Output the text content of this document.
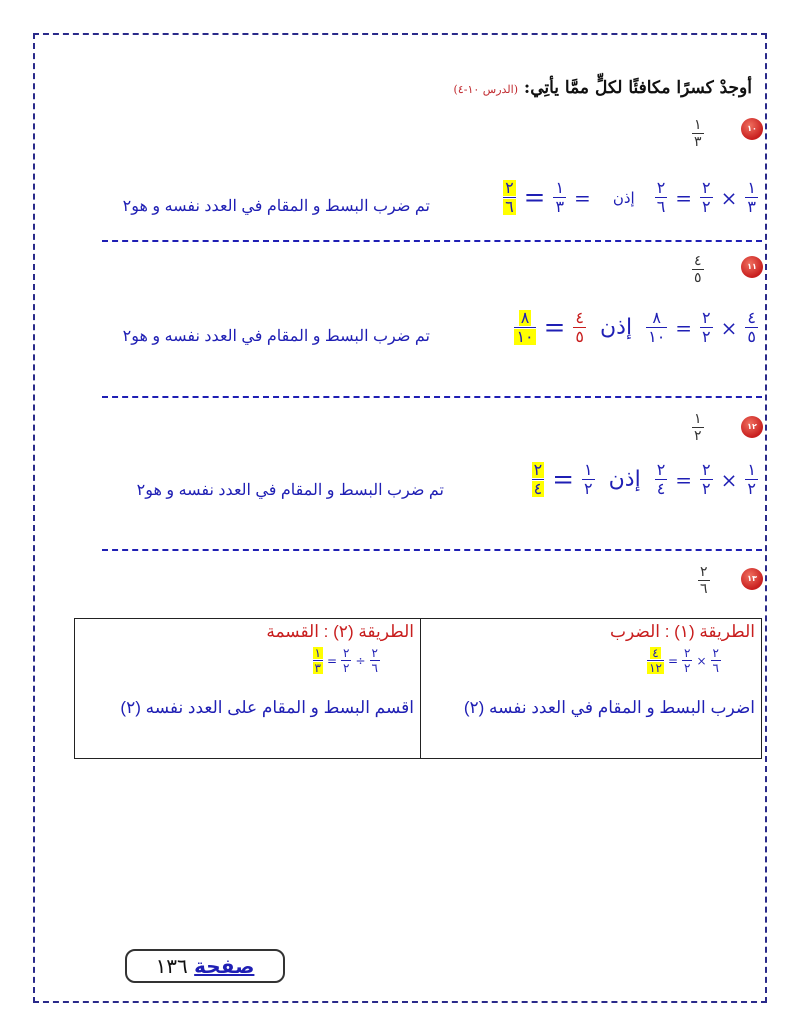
أوجدْ كسرًا مكافئًا لكلٍّ ممَّا يأتِي: (الدرس ١٠-٤)
١٠
$\frac{١}{٣}$
$\frac{٢}{٦} = \frac{١}{٣}$ =	إذن	$\frac{٢}{٦} = \frac{٢}{٢} \times \frac{١}{٣}$
تم ضرب البسط و المقام في العدد نفسه و هو٢
١١
$\frac{٤}{٥}$
$\frac{٨}{١٠} = \frac{٤}{٥}$ إذن $\frac{٨}{١٠} = \frac{٢}{٢} \times \frac{٤}{٥}$
تم ضرب البسط و المقام في العدد نفسه و هو٢
١٢
$\frac{١}{٢}$
$\frac{٢}{٤} = \frac{١}{٢}$ إذن $\frac{٢}{٤} = \frac{٢}{٢} \times \frac{١}{٢}$
تم ضرب البسط و المقام في العدد نفسه و هو٢
١٣
$\frac{٢}{٦}$
الطريقة (٢) : القسمة
$\frac{١}{٣} = \frac{٢}{٢} \div \frac{٢}{٦}$
اقسم البسط و المقام على العدد نفسه (٢)
الطريقة (١) : الضرب
$\frac{٤}{١٢} = \frac{٢}{٢} \times \frac{٢}{٦}$
اضرب البسط و المقام في العدد نفسه (٢)
صفحة ١٣٦
